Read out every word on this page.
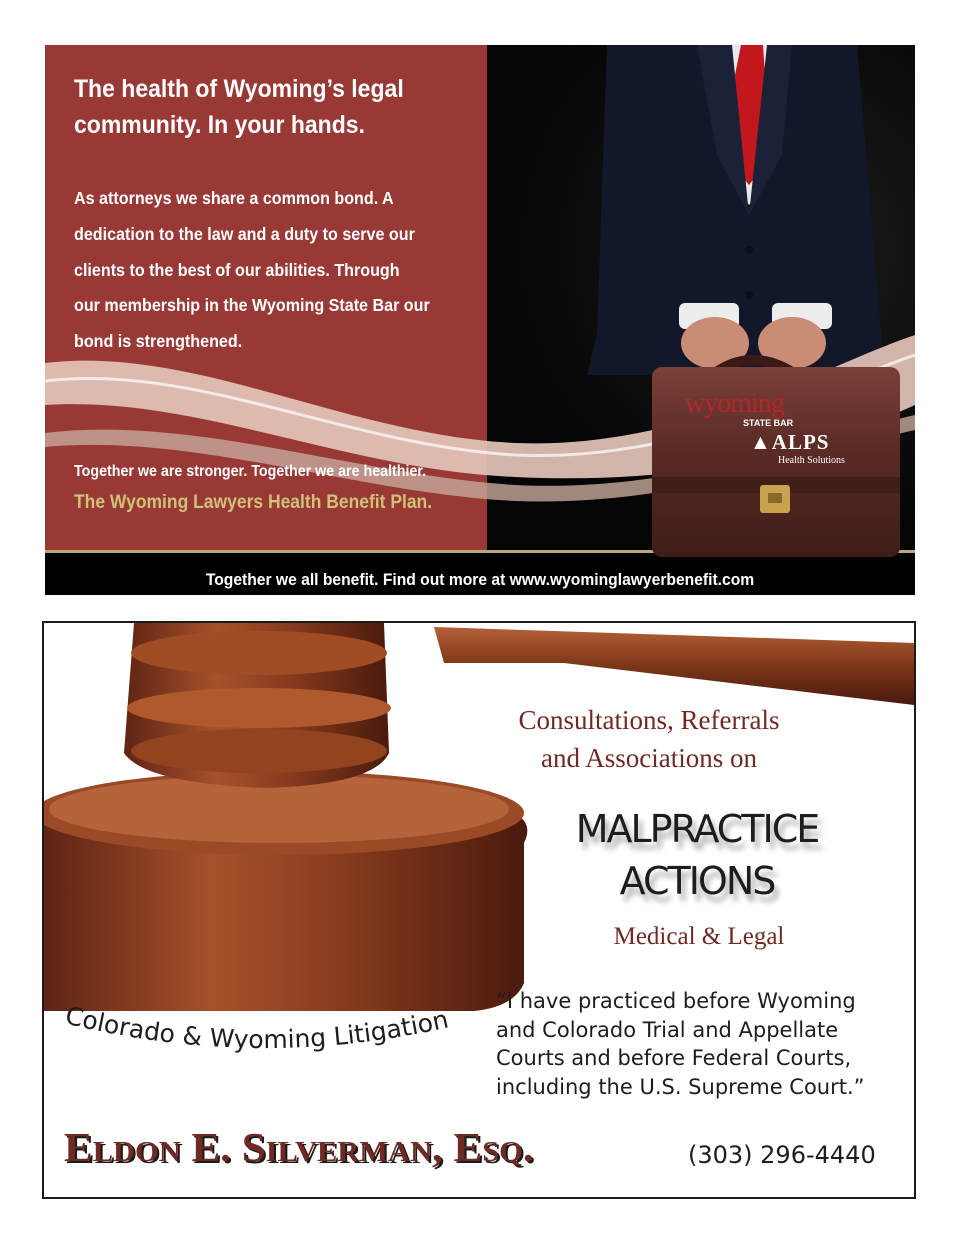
wyoming
STATE BAR
▲ALPS
Health Solutions
The health of Wyoming’s legal
community. In your hands.
As attorneys we share a common bond. A
dedication to the law and a duty to serve our
clients to the best of our abilities. Through
our membership in the Wyoming State Bar our
bond is strengthened.
Together we are stronger. Together we are healthier.
The Wyoming Lawyers Health Benefit Plan.
Together we all benefit. Find out more at www.wyominglawyerbenefit.com
Consultations, Referrals
and Associations on
MALPRACTICE
ACTIONS
Medical & Legal
“I have practiced before Wyoming
and Colorado Trial and Appellate
Courts and before Federal Courts,
including the U.S. Supreme Court.”
Colorado & Wyoming Litigation
Eldon E. Silverman, Esq.	(303) 296-4440
